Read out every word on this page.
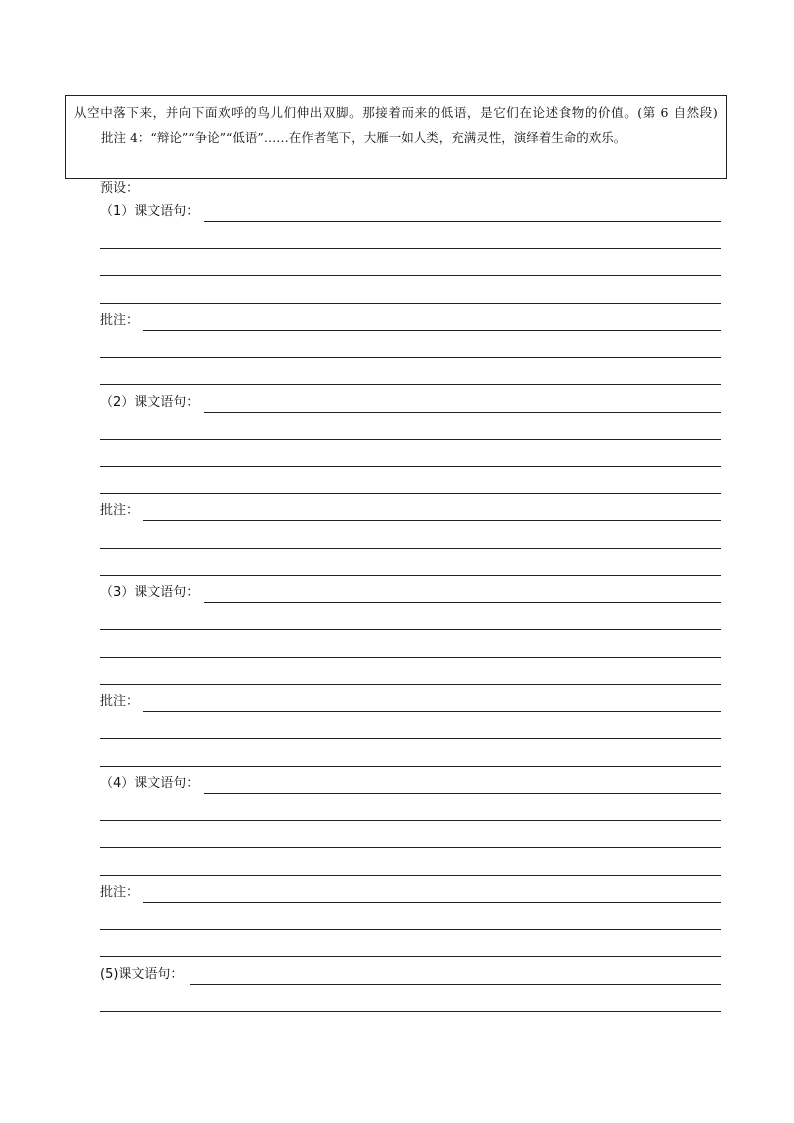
从空中落下来，并向下面欢呼的鸟儿们伸出双脚。那接着而来的低语，是它们在论述食物的价值。(第 6 自然段)

批注 4：“辩论”“争论”“低语”……在作者笔下，大雁一如人类，充满灵性，演绎着生命的欢乐。

预设：
（1）课文语句：
批注：
（2）课文语句：
批注：
（3）课文语句：
批注：
（4）课文语句：
批注：
(5)课文语句：
